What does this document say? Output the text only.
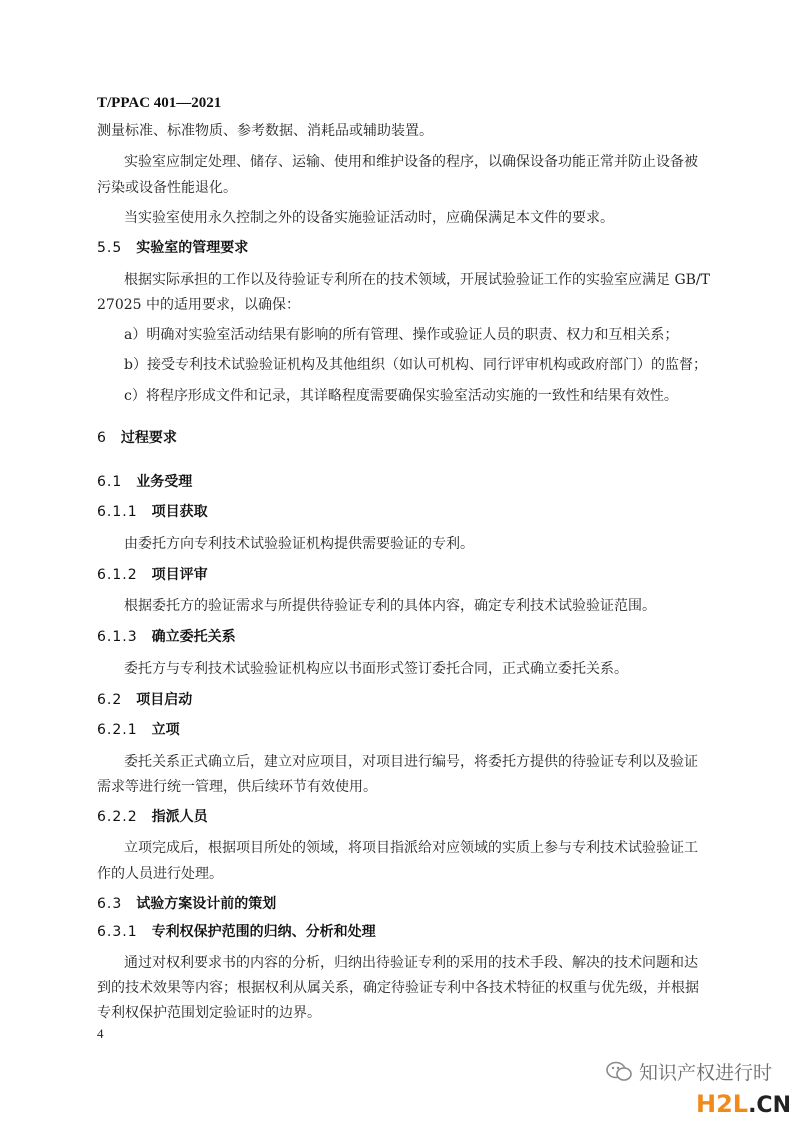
T/PPAC 401—2021
测量标准、标准物质、参考数据、消耗品或辅助装置。
实验室应制定处理、储存、运输、使用和维护设备的程序，以确保设备功能正常并防止设备被
污染或设备性能退化。
当实验室使用永久控制之外的设备实施验证活动时，应确保满足本文件的要求。
5.5 实验室的管理要求
根据实际承担的工作以及待验证专利所在的技术领域，开展试验验证工作的实验室应满足 GB/T
27025 中的适用要求，以确保：
a）明确对实验室活动结果有影响的所有管理、操作或验证人员的职责、权力和互相关系；
b）接受专利技术试验验证机构及其他组织（如认可机构、同行评审机构或政府部门）的监督；
c）将程序形成文件和记录，其详略程度需要确保实验室活动实施的一致性和结果有效性。
6 过程要求
6.1 业务受理
6.1.1 项目获取
由委托方向专利技术试验验证机构提供需要验证的专利。
6.1.2 项目评审
根据委托方的验证需求与所提供待验证专利的具体内容，确定专利技术试验验证范围。
6.1.3 确立委托关系
委托方与专利技术试验验证机构应以书面形式签订委托合同，正式确立委托关系。
6.2 项目启动
6.2.1 立项
委托关系正式确立后，建立对应项目，对项目进行编号，将委托方提供的待验证专利以及验证
需求等进行统一管理，供后续环节有效使用。
6.2.2 指派人员
立项完成后，根据项目所处的领域，将项目指派给对应领域的实质上参与专利技术试验验证工
作的人员进行处理。
6.3 试验方案设计前的策划
6.3.1 专利权保护范围的归纳、分析和处理
通过对权利要求书的内容的分析，归纳出待验证专利的采用的技术手段、解决的技术问题和达
到的技术效果等内容；根据权利从属关系，确定待验证专利中各技术特征的权重与优先级，并根据
专利权保护范围划定验证时的边界。
4
知识产权进行时
H2L.CN
